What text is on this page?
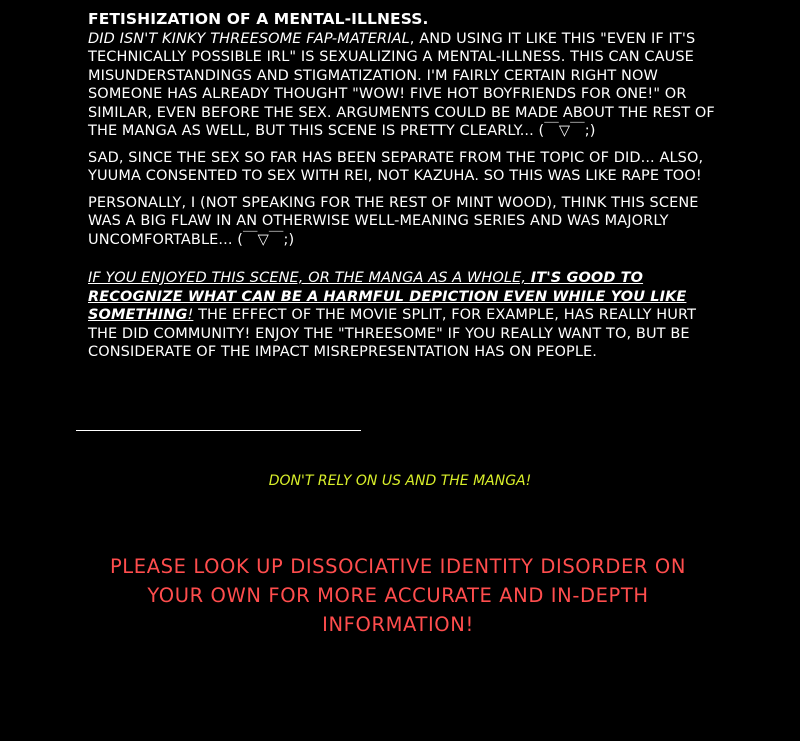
FETISHIZATION OF A MENTAL-ILLNESS.

DID ISN'T KINKY THREESOME FAP-MATERIAL, AND USING IT LIKE THIS "EVEN IF IT'S TECHNICALLY POSSIBLE IRL" IS SEXUALIZING A MENTAL-ILLNESS. THIS CAN CAUSE MISUNDERSTANDINGS AND STIGMATIZATION. I'M FAIRLY CERTAIN RIGHT NOW SOMEONE HAS ALREADY THOUGHT "WOW! FIVE HOT BOYFRIENDS FOR ONE!" OR SIMILAR, EVEN BEFORE THE SEX. ARGUMENTS COULD BE MADE ABOUT THE REST OF THE MANGA AS WELL, BUT THIS SCENE IS PRETTY CLEARLY... (￣▽￣;)

SAD, SINCE THE SEX SO FAR HAS BEEN SEPARATE FROM THE TOPIC OF DID... ALSO, YUUMA CONSENTED TO SEX WITH REI, NOT KAZUHA. SO THIS WAS LIKE RAPE TOO!

PERSONALLY, I (NOT SPEAKING FOR THE REST OF MINT WOOD), THINK THIS SCENE WAS A BIG FLAW IN AN OTHERWISE WELL-MEANING SERIES AND WAS MAJORLY UNCOMFORTABLE... (￣▽￣;)

IF YOU ENJOYED THIS SCENE, OR THE MANGA AS A WHOLE, IT'S GOOD TO RECOGNIZE WHAT CAN BE A HARMFUL DEPICTION EVEN WHILE YOU LIKE SOMETHING! THE EFFECT OF THE MOVIE SPLIT, FOR EXAMPLE, HAS REALLY HURT THE DID COMMUNITY! ENJOY THE "THREESOME" IF YOU REALLY WANT TO, BUT BE CONSIDERATE OF THE IMPACT MISREPRESENTATION HAS ON PEOPLE.

DON'T RELY ON US AND THE MANGA!
PLEASE LOOK UP DISSOCIATIVE IDENTITY DISORDER ON YOUR OWN FOR MORE ACCURATE AND IN-DEPTH INFORMATION!
